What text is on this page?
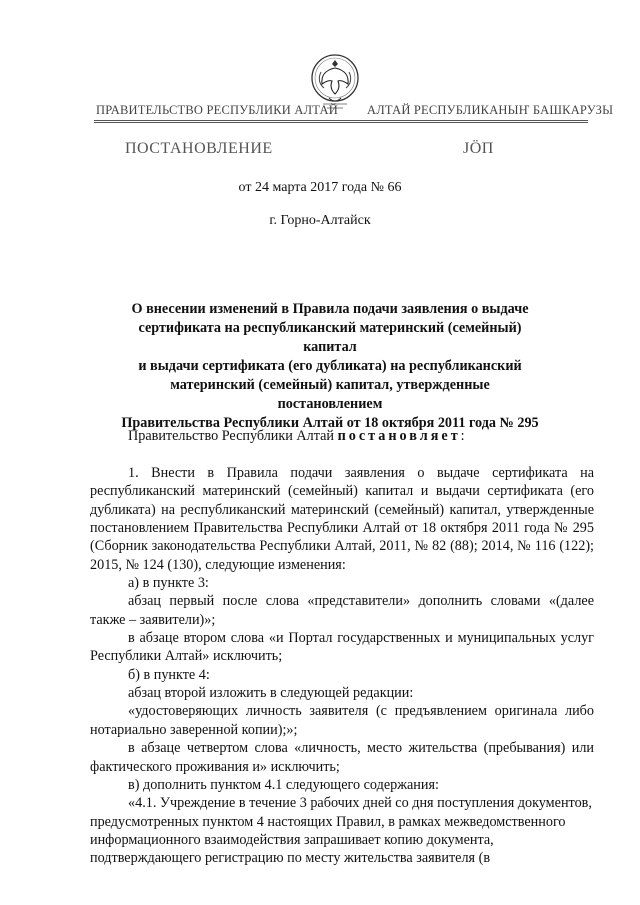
ПРАВИТЕЛЬСТВО РЕСПУБЛИКИ АЛТАЙ АЛТАЙ РЕСПУБЛИКАНЫҤ БАШКАРУЗЫ
ПОСТАНОВЛЕНИЕ	ЈӦП
от 24 марта 2017 года № 66
г. Горно-Алтайск
О внесении изменений в Правила подачи заявления о выдаче
сертификата на республиканский материнский (семейный) капитал
и выдачи сертификата (его дубликата) на республиканский
материнский (семейный) капитал, утвержденные постановлением
Правительства Республики Алтай от 18 октября 2011 года № 295
Правительство Республики Алтай постановляет:

1. Внести в Правила подачи заявления о выдаче сертификата на республиканский материнский (семейный) капитал и выдачи сертификата (его дубликата) на республиканский материнский (семейный) капитал, утвержденные постановлением Правительства Республики Алтай от 18 октября 2011 года № 295 (Сборник законодательства Республики Алтай, 2011, № 82 (88); 2014, № 116 (122); 2015, № 124 (130), следующие изменения:

а) в пункте 3:

абзац первый после слова «представители» дополнить словами «(далее также – заявители)»;

в абзаце втором слова «и Портал государственных и муниципальных услуг Республики Алтай» исключить;

б) в пункте 4:

абзац второй изложить в следующей редакции:

«удостоверяющих личность заявителя (с предъявлением оригинала либо нотариально заверенной копии);»;

в абзаце четвертом слова «личность, место жительства (пребывания) или фактического проживания и» исключить;

в) дополнить пунктом 4.1 следующего содержания:

«4.1. Учреждение в течение 3 рабочих дней со дня поступления документов, предусмотренных пунктом 4 настоящих Правил, в рамках межведомственного информационного взаимодействия запрашивает копию документа, подтверждающего регистрацию по месту жительства заявителя (в
